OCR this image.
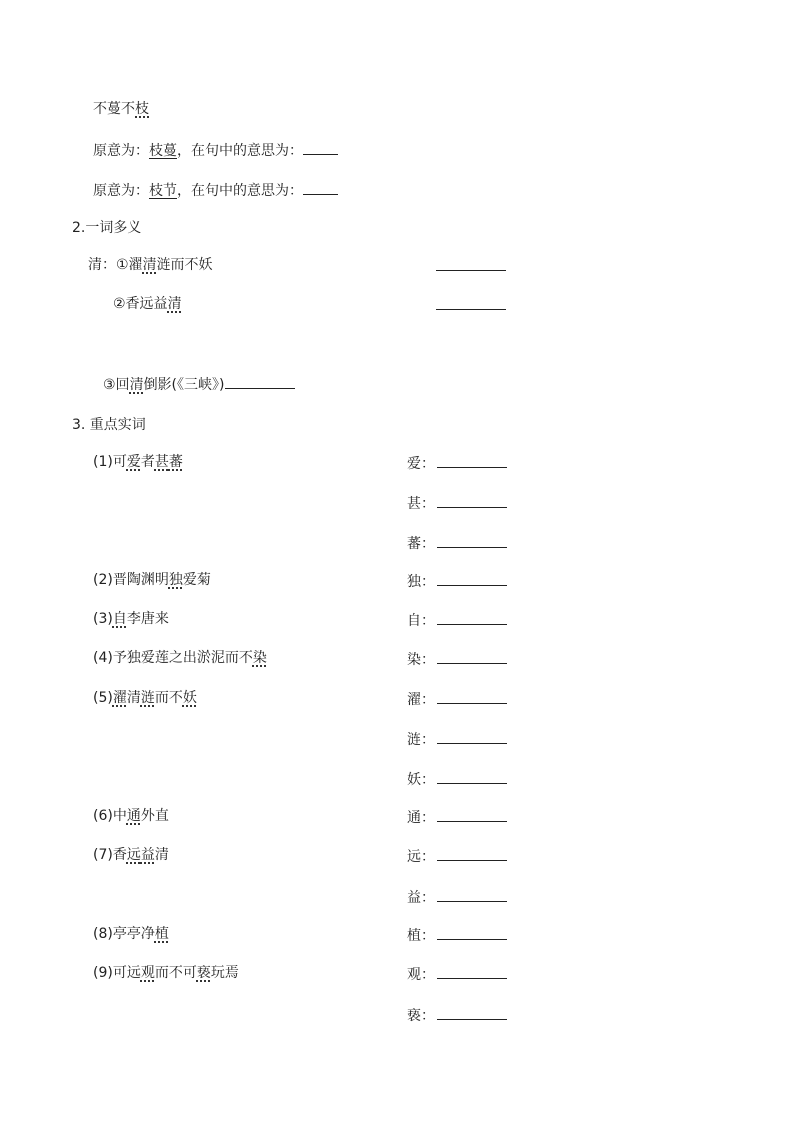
不蔓不枝
原意为：枝蔓，在句中的意思为：
原意为：枝节，在句中的意思为：
2.一词多义
清：①濯清涟而不妖
②香远益清
③回清倒影(《三峡》)
3. 重点实词
(1)可爱者甚蕃
(2)晋陶渊明独爱菊
(3)自李唐来
(4)予独爱莲之出淤泥而不染
(5)濯清涟而不妖
(6)中通外直
(7)香远益清
(8)亭亭净植
(9)可远观而不可亵玩焉
爱：
甚：
蕃：
独：
自：
染：
濯：
涟：
妖：
通：
远：
益：
植：
观：
亵：
